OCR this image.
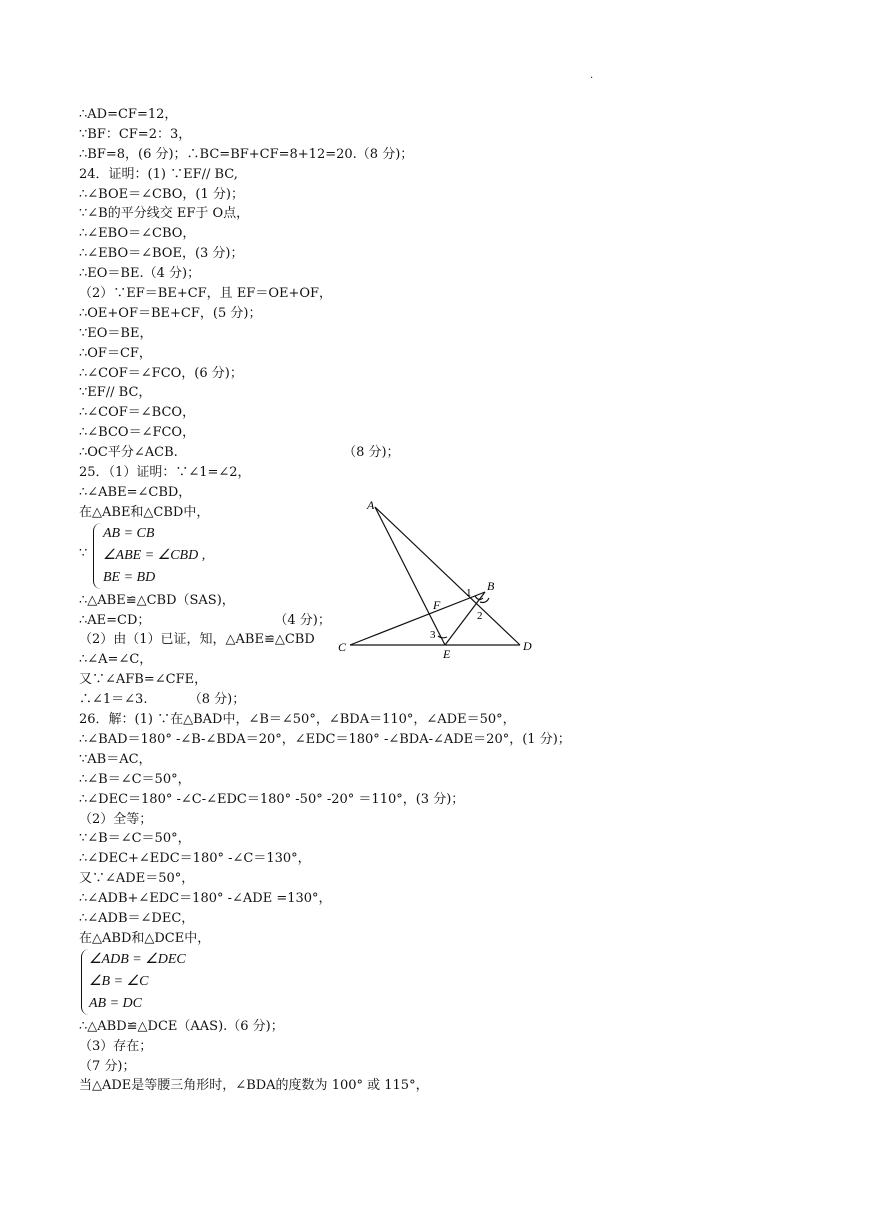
.
∴AD=CF=12，
∵BF：CF=2：3，
∴BF=8，(6 分)；∴BC=BF+CF=8+12=20.（8 分)；
24．证明：(1) ∵EF// BC,
∴∠BOE＝∠CBO，(1 分)；
∵∠B的平分线交 EF于 O点，
∴∠EBO＝∠CBO，
∴∠EBO＝∠BOE，(3 分)；
∴EO＝BE.（4 分)；
（2）∵EF＝BE+CF，且 EF＝OE+OF，
∴OE+OF＝BE+CF，(5 分)；
∵EO＝BE，
∴OF＝CF，
∴∠COF＝∠FCO，(6 分)；
∵EF// BC，
∴∠COF＝∠BCO，
∴∠BCO＝∠FCO，
∴OC平分∠ACB.                                        （8 分)；
25．（1）证明：∵∠1=∠2，
∴∠ABE=∠CBD，
在△ABE和△CBD中，
∵
AB = CB
∠ABE = ∠CBD ,
BE = BD
∴△ABE≌△CBD（SAS)，
∴AE=CD；                              （4 分)；
（2）由（1）已证，知，△ABE≌△CBD
∴∠A=∠C，
又∵∠AFB=∠CFE，
∴∠1＝∠3.          （8 分)；
26．解：(1) ∵在△BAD中，∠B＝∠50°，∠BDA＝110°，∠ADE＝50°，
∴∠BAD＝180° -∠B-∠BDA＝20°，∠EDC＝180° -∠BDA-∠ADE＝20°，(1 分)；
∵AB＝AC，
∴∠B＝∠C＝50°，
∴∠DEC＝180° -∠C-∠EDC＝180° -50° -20° ＝110°，(3 分)；
（2）全等；
∵∠B＝∠C＝50°，
∴∠DEC+∠EDC＝180° -∠C＝130°，
又∵∠ADE＝50°，
∴∠ADB+∠EDC＝180° -∠ADE =130°，
∴∠ADB＝∠DEC，
在△ABD和△DCE中，
∠ADB = ∠DEC
∠B = ∠C
AB = DC
∴△ABD≌△DCE（AAS).（6 分)；
（3）存在；
（7 分)；
当△ADE是等腰三角形时，∠BDA的度数为 100° 或 115°，
A
B
C	D
E
F
1
2
3
